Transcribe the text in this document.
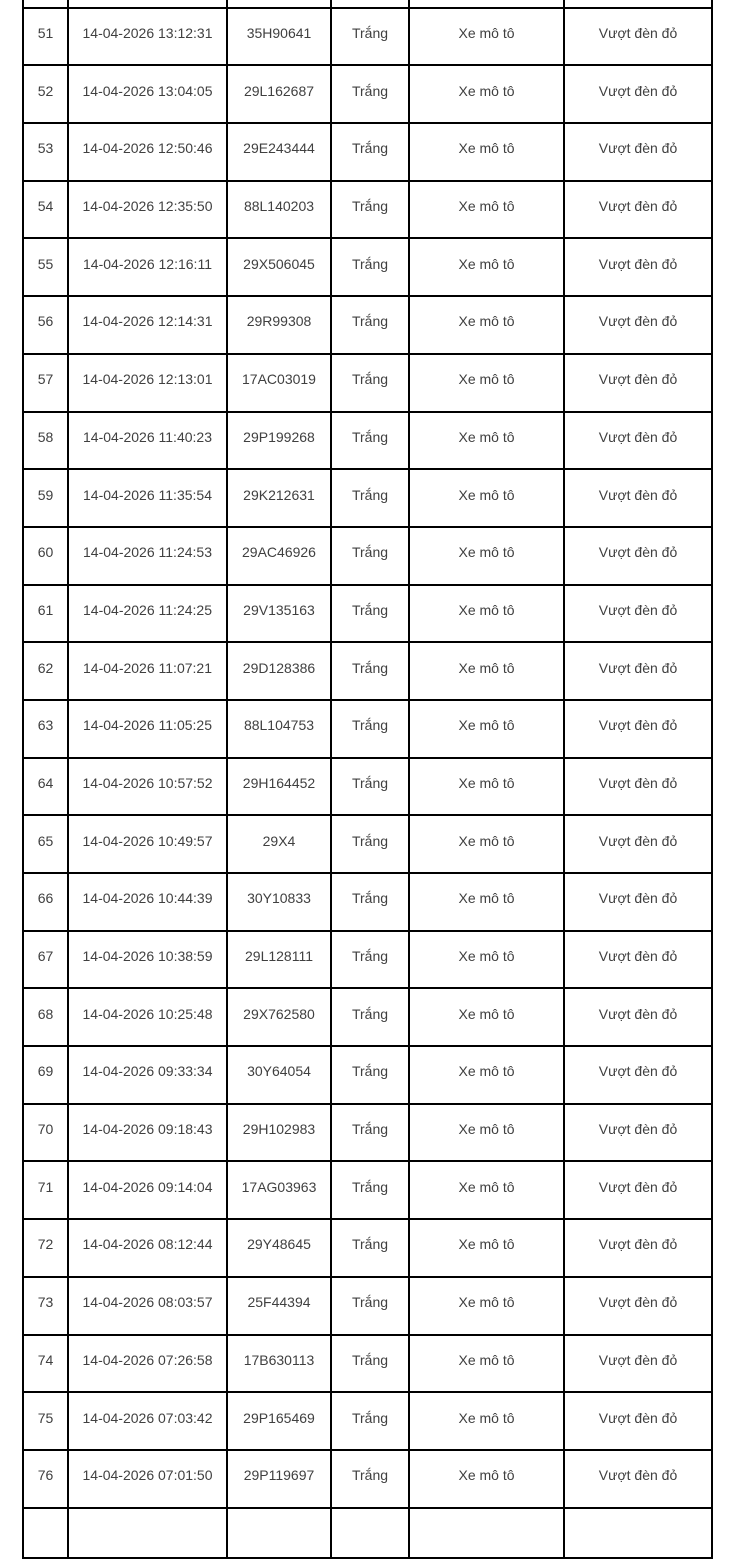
51	14-04-2026 13:12:31	35H90641	Trắng	Xe mô tô	Vượt đèn đỏ
52	14-04-2026 13:04:05	29L162687	Trắng	Xe mô tô	Vượt đèn đỏ
53	14-04-2026 12:50:46	29E243444	Trắng	Xe mô tô	Vượt đèn đỏ
54	14-04-2026 12:35:50	88L140203	Trắng	Xe mô tô	Vượt đèn đỏ
55	14-04-2026 12:16:11	29X506045	Trắng	Xe mô tô	Vượt đèn đỏ
56	14-04-2026 12:14:31	29R99308	Trắng	Xe mô tô	Vượt đèn đỏ
57	14-04-2026 12:13:01	17AC03019	Trắng	Xe mô tô	Vượt đèn đỏ
58	14-04-2026 11:40:23	29P199268	Trắng	Xe mô tô	Vượt đèn đỏ
59	14-04-2026 11:35:54	29K212631	Trắng	Xe mô tô	Vượt đèn đỏ
60	14-04-2026 11:24:53	29AC46926	Trắng	Xe mô tô	Vượt đèn đỏ
61	14-04-2026 11:24:25	29V135163	Trắng	Xe mô tô	Vượt đèn đỏ
62	14-04-2026 11:07:21	29D128386	Trắng	Xe mô tô	Vượt đèn đỏ
63	14-04-2026 11:05:25	88L104753	Trắng	Xe mô tô	Vượt đèn đỏ
64	14-04-2026 10:57:52	29H164452	Trắng	Xe mô tô	Vượt đèn đỏ
65	14-04-2026 10:49:57	29X4	Trắng	Xe mô tô	Vượt đèn đỏ
66	14-04-2026 10:44:39	30Y10833	Trắng	Xe mô tô	Vượt đèn đỏ
67	14-04-2026 10:38:59	29L128111	Trắng	Xe mô tô	Vượt đèn đỏ
68	14-04-2026 10:25:48	29X762580	Trắng	Xe mô tô	Vượt đèn đỏ
69	14-04-2026 09:33:34	30Y64054	Trắng	Xe mô tô	Vượt đèn đỏ
70	14-04-2026 09:18:43	29H102983	Trắng	Xe mô tô	Vượt đèn đỏ
71	14-04-2026 09:14:04	17AG03963	Trắng	Xe mô tô	Vượt đèn đỏ
72	14-04-2026 08:12:44	29Y48645	Trắng	Xe mô tô	Vượt đèn đỏ
73	14-04-2026 08:03:57	25F44394	Trắng	Xe mô tô	Vượt đèn đỏ
74	14-04-2026 07:26:58	17B630113	Trắng	Xe mô tô	Vượt đèn đỏ
75	14-04-2026 07:03:42	29P165469	Trắng	Xe mô tô	Vượt đèn đỏ
76	14-04-2026 07:01:50	29P119697	Trắng	Xe mô tô	Vượt đèn đỏ
